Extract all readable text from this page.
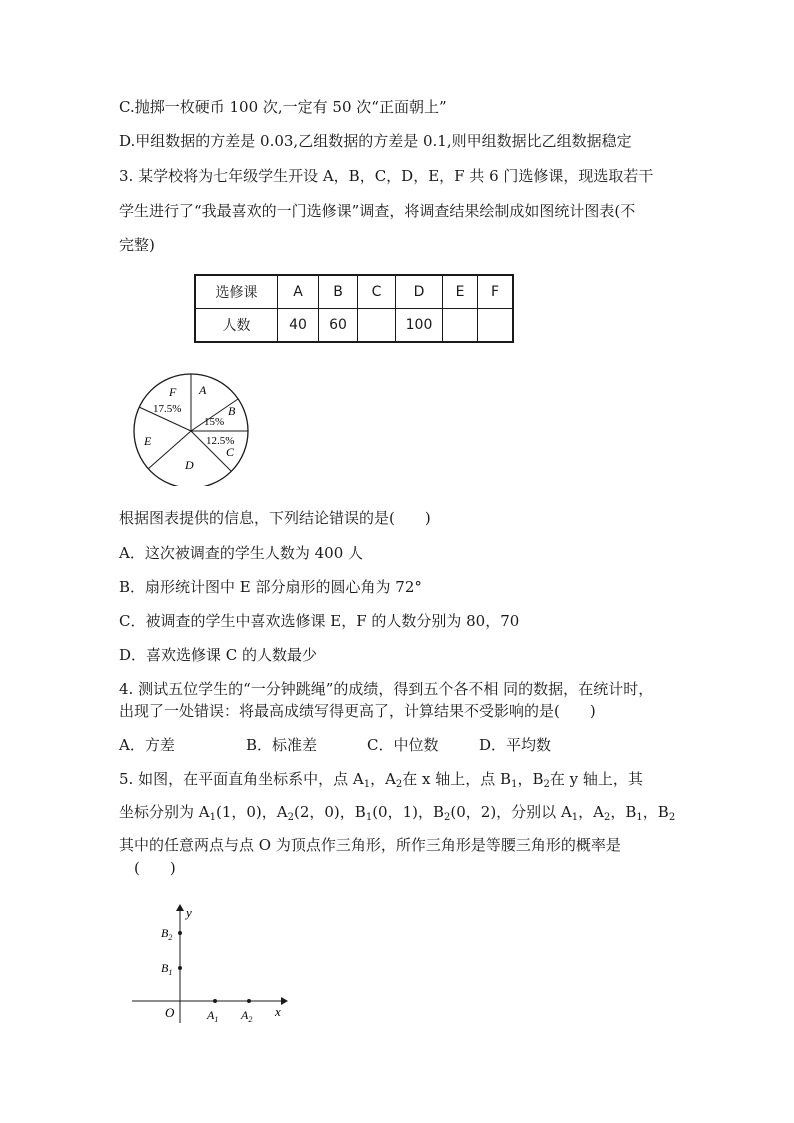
C.抛掷一枚硬币 100 次,一定有 50 次“正面朝上”
D.甲组数据的方差是 0.03,乙组数据的方差是 0.1,则甲组数据比乙组数据稳定
3. 某学校将为七年级学生开设 A，B，C，D，E，F 共 6 门选修课，现选取若干
学生进行了“我最喜欢的一门选修课”调查，将调查结果绘制成如图统计图表(不
完整)
选修课	A	B	C	D	E	F
人数	40	60		100		
A
B
15%
12.5%
C
D
E
F
17.5%
根据图表提供的信息，下列结论错误的是(　　)
A．这次被调查的学生人数为 400 人
B．扇形统计图中 E 部分扇形的圆心角为 72°
C．被调查的学生中喜欢选修课 E，F 的人数分别为 80，70
D．喜欢选修课 C 的人数最少
4. 测试五位学生的“一分钟跳绳”的成绩，得到五个各不相 同的数据，在统计时，
出现了一处错误：将最高成绩写得更高了，计算结果不受影响的是(　　)
A．方差	B．标准差	C．中位数	D．平均数
5. 如图，在平面直角坐标系中，点 $A_1$，$A_2$在 x 轴上，点 $B_1$，$B_2$在 y 轴上，其
坐标分别为 $A_1(1$，0)，$A_2(2$，0)，$B_1(0$，1)，$B_2(0$，2)，分别以 $A_1$，$A_2$，$B_1$，$B_2$
其中的任意两点与点 O 为顶点作三角形，所作三角形是等腰三角形的概率是
(　　)
y
x
O	$A_1$ $A_2$
$B_1$
$B_2$
